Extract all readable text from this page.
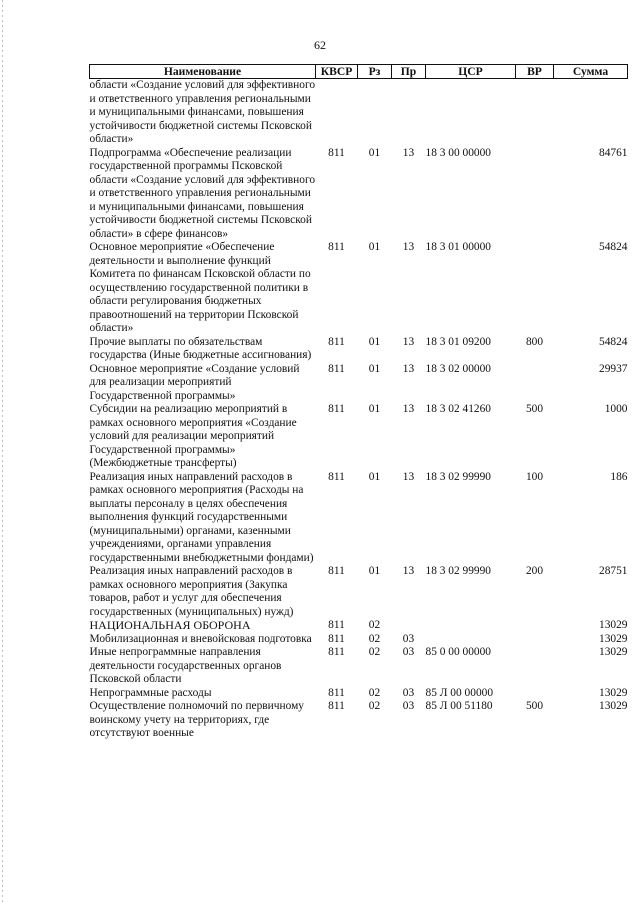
62
Наименование	КВСР	Рз	Пр	ЦСР	ВР	Сумма
области «Создание условий для эффективного и ответственного управления региональными и муниципальными финансами, повышения устойчивости бюджетной системы Псковской области»						
Подпрограмма «Обеспечение реализации государственной программы Псковской области «Создание условий для эффективного и ответственного управления региональными и муниципальными финансами, повышения устойчивости бюджетной системы Псковской области» в сфере финансов»	811	01	13	18 3 00 00000		84761
Основное мероприятие «Обеспечение деятельности и выполнение функций Комитета по финансам Псковской области по осуществлению государственной политики в области регулирования бюджетных правоотношений на территории Псковской области»	811	01	13	18 3 01 00000		54824
Прочие выплаты по обязательствам государства (Иные бюджетные ассигнования)	811	01	13	18 3 01 09200	800	54824
Основное мероприятие «Создание условий для реализации мероприятий Государственной программы»	811	01	13	18 3 02 00000		29937
Субсидии на реализацию мероприятий в рамках основного мероприятия «Создание условий для реализации мероприятий Государственной программы» (Межбюджетные трансферты)	811	01	13	18 3 02 41260	500	1000
Реализация иных направлений расходов в рамках основного мероприятия (Расходы на выплаты персоналу в целях обеспечения выполнения функций государственными (муниципальными) органами, казенными учреждениями, органами управления государственными внебюджетными фондами)	811	01	13	18 3 02 99990	100	186
Реализация иных направлений расходов в рамках основного мероприятия (Закупка товаров, работ и услуг для обеспечения государственных (муниципальных) нужд)	811	01	13	18 3 02 99990	200	28751
НАЦИОНАЛЬНАЯ ОБОРОНА	811	02				13029
Мобилизационная и вневойсковая подготовка	811	02	03			13029
Иные непрограммные направления деятельности государственных органов Псковской области	811	02	03	85 0 00 00000		13029
Непрограммные расходы	811	02	03	85 Л 00 00000		13029
Осуществление полномочий по первичному воинскому учету на территориях, где отсутствуют военные	811	02	03	85 Л 00 51180	500	13029
